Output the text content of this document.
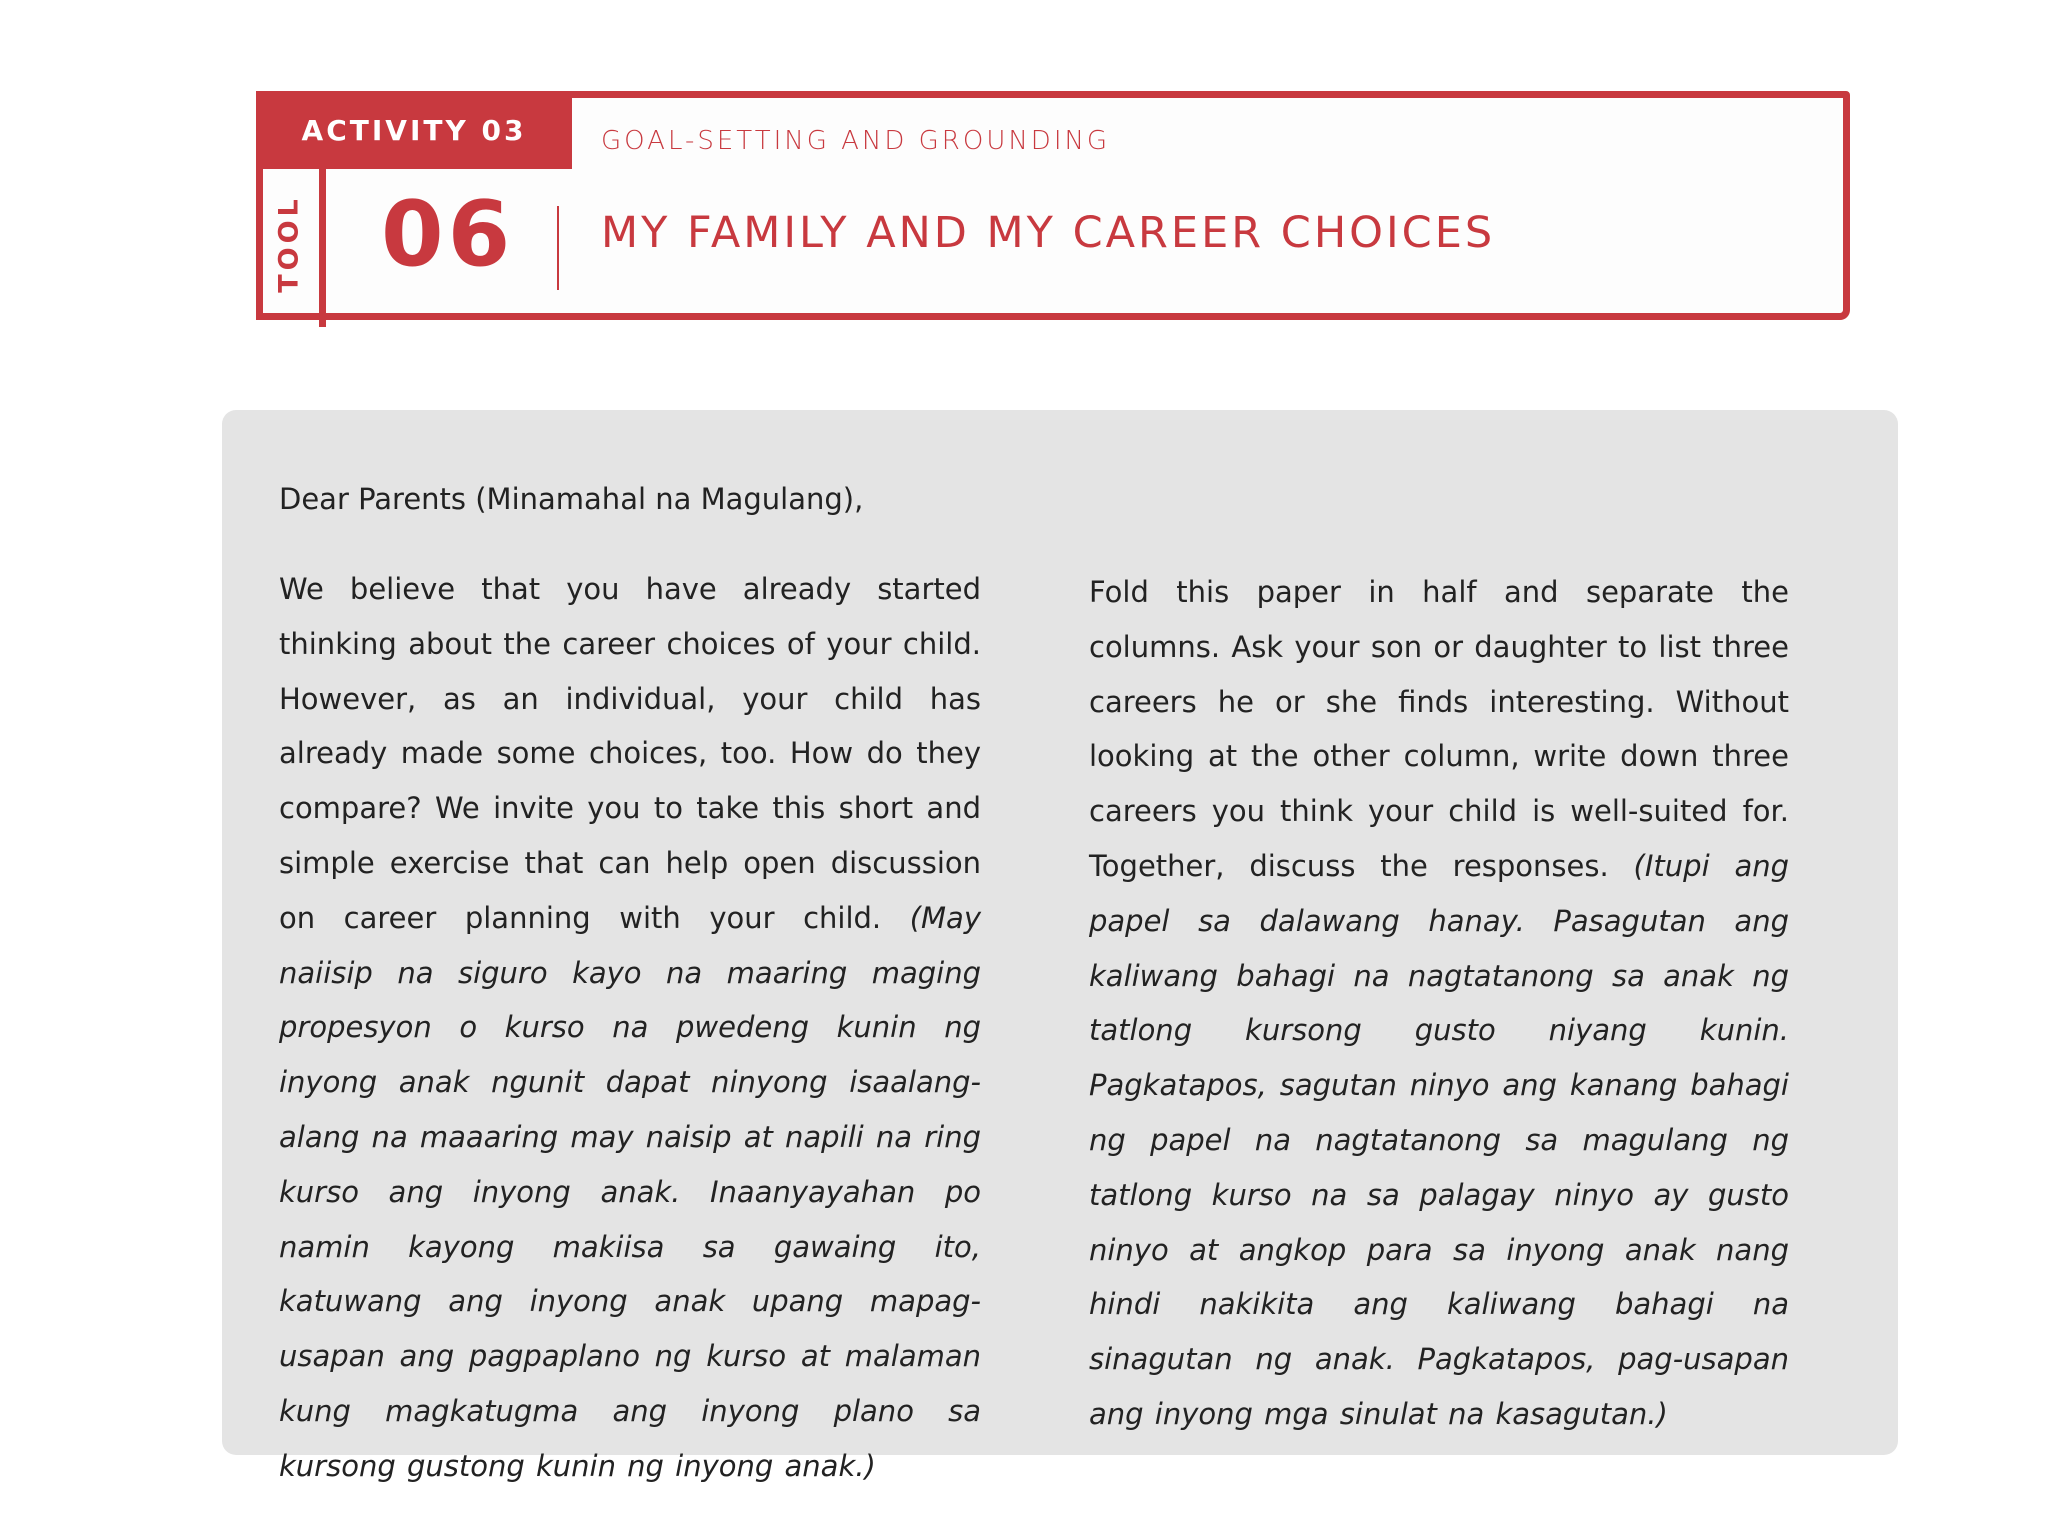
ACTIVITY 03	GOAL-SETTING AND GROUNDING
TOOL 06 MY FAMILY AND MY CAREER CHOICES
Dear Parents (Minamahal na Magulang),
We believe that you have already started thinking about the career choices of your child. However, as an individual, your child has already made some choices, too. How do they compare? We invite you to take this short and simple exercise that can help open discussion on career planning with your child. (May naiisip na siguro kayo na maaring maging propesyon o kurso na pwedeng kunin ng inyong anak ngunit dapat ninyong isaalang-alang na maaaring may naisip at napili na ring kurso ang inyong anak. Inaanyayahan po namin kayong makiisa sa gawaing ito, katuwang ang inyong anak upang mapag- usapan ang pagpaplano ng kurso at malaman kung magkatugma ang inyong plano sa kursong gustong kunin ng inyong anak.)
Fold this paper in half and separate the columns. Ask your son or daughter to list three careers he or she finds interesting. Without looking at the other column, write down three careers you think your child is well-suited for. Together, discuss the responses. (Itupi ang papel sa dalawang hanay. Pasagutan ang kaliwang bahagi na nagtatanong sa anak ng tatlong kursong gusto niyang kunin. Pagkatapos, sagutan ninyo ang kanang bahagi ng papel na nagtatanong sa magulang ng tatlong kurso na sa palagay ninyo ay gusto ninyo at angkop para sa inyong anak nang hindi nakikita ang kaliwang bahagi na sinagutan ng anak. Pagkatapos, pag-usapan ang inyong mga sinulat na kasagutan.)
